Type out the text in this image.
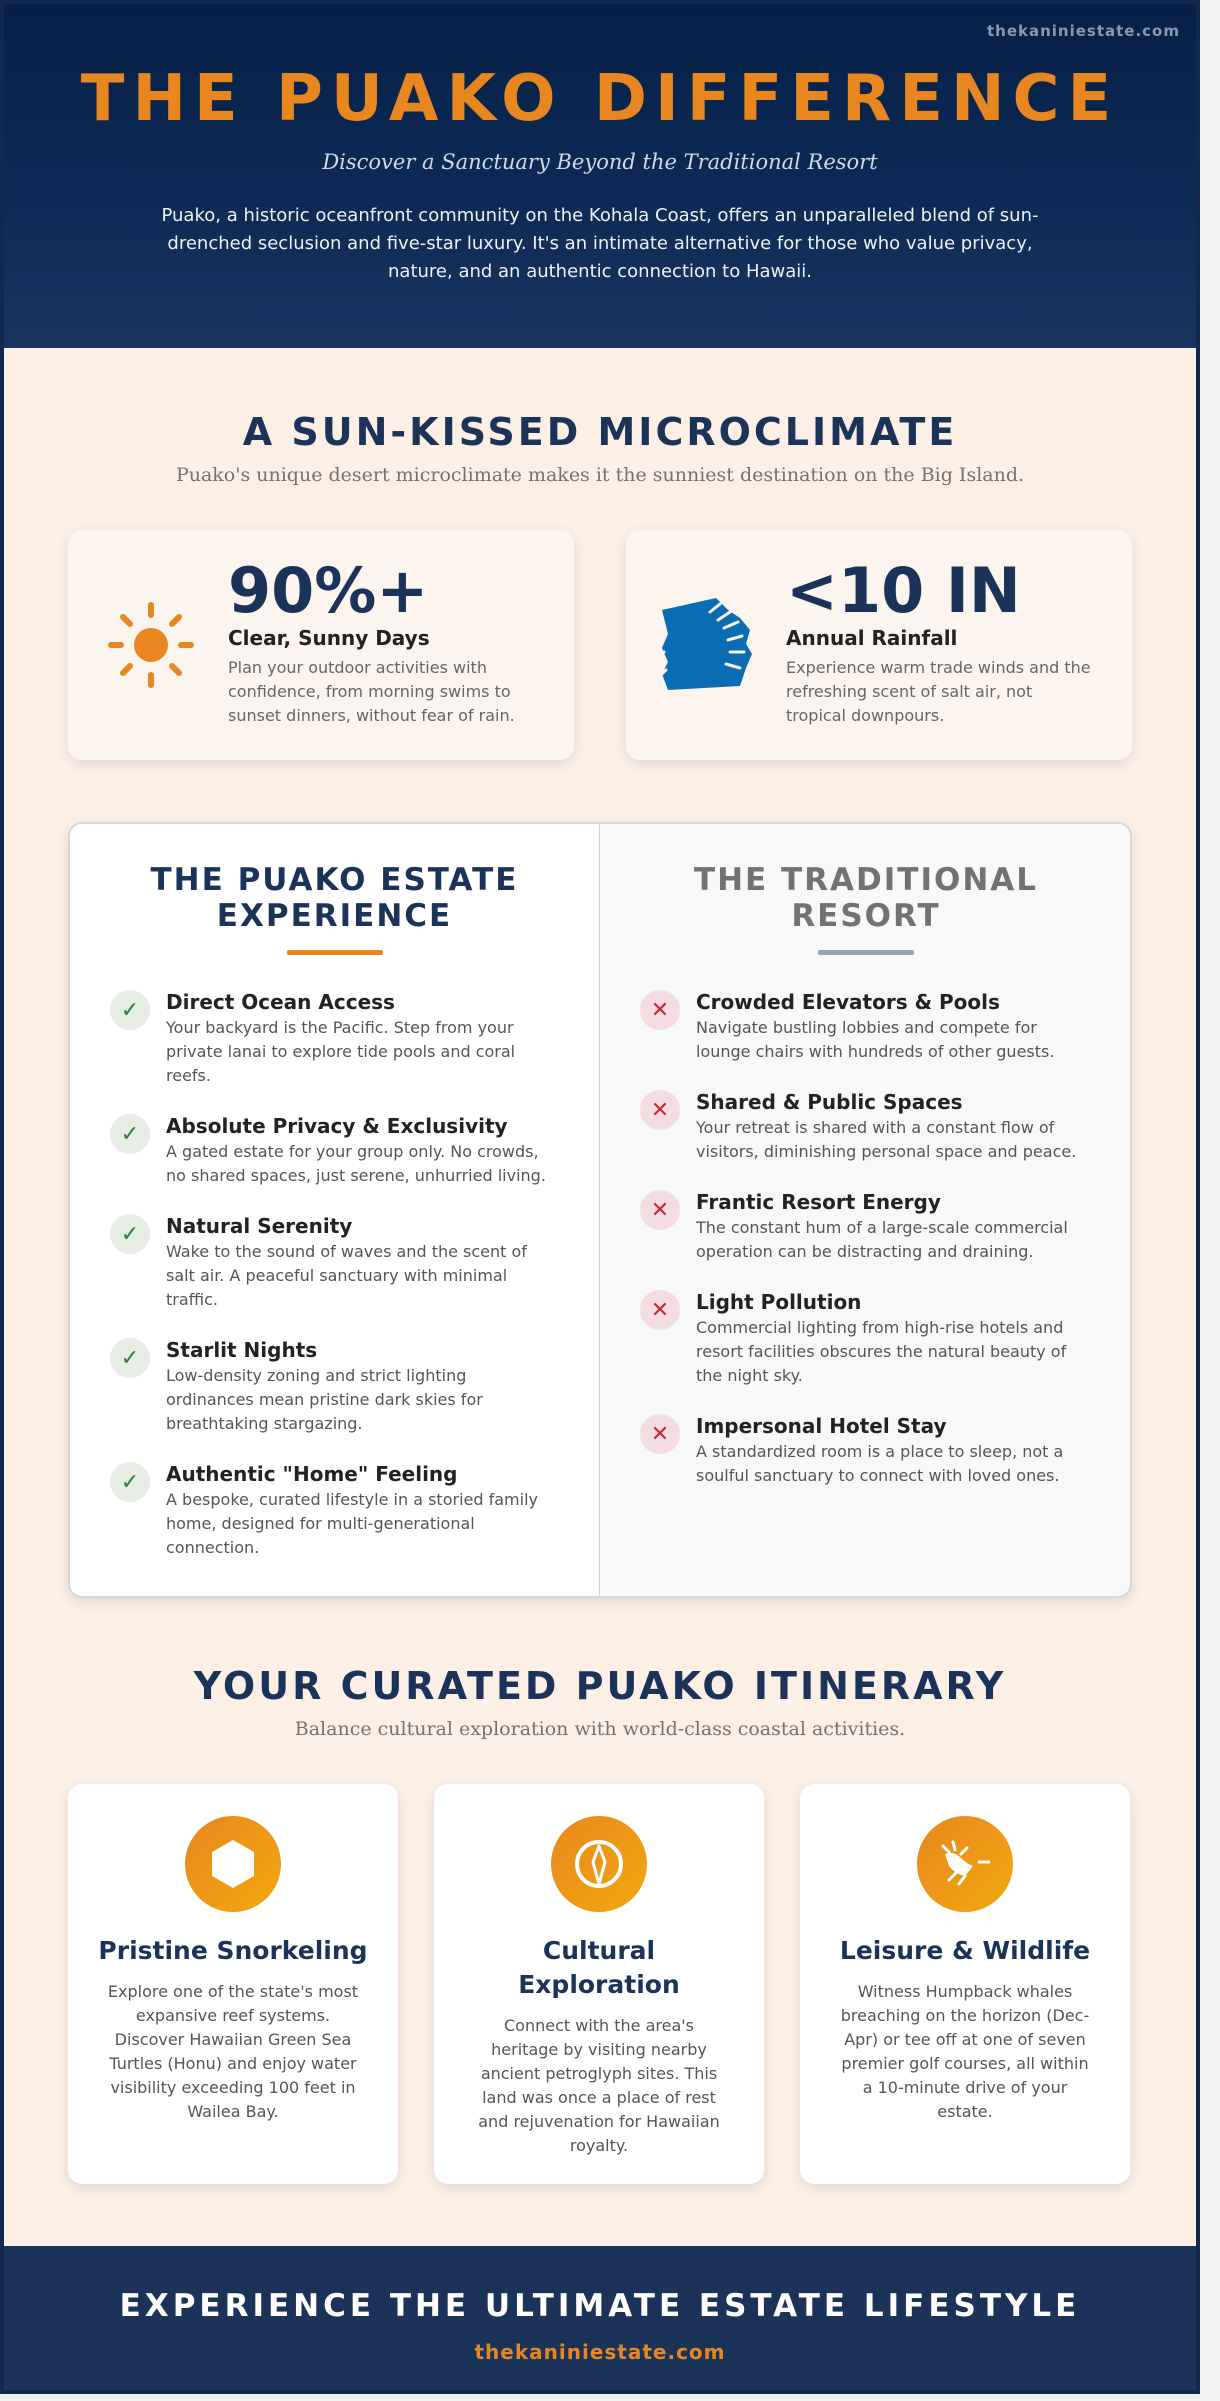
thekaniniestate.com
THE PUAKO DIFFERENCE
Discover a Sanctuary Beyond the Traditional Resort

Puako, a historic oceanfront community on the Kohala Coast, offers an unparalleled blend of sun-drenched seclusion and five-star luxury. It's an intimate alternative for those who value privacy, nature, and an authentic connection to Hawaii.

A SUN-KISSED MICROCLIMATE
Puako's unique desert microclimate makes it the sunniest destination on the Big Island.
90%+
Clear, Sunny Days
Plan your outdoor activities with confidence, from morning swims to sunset dinners, without fear of rain.
<10 IN
Annual Rainfall
Experience warm trade winds and the refreshing scent of salt air, not tropical downpours.
THE PUAKO ESTATE
EXPERIENCE
✓	Direct Ocean Access
Your backyard is the Pacific. Step from your private lanai to explore tide pools and coral reefs.
✓	Absolute Privacy & Exclusivity
A gated estate for your group only. No crowds, no shared spaces, just serene, unhurried living.
✓	Natural Serenity
Wake to the sound of waves and the scent of salt air. A peaceful sanctuary with minimal traffic.
✓	Starlit Nights
Low-density zoning and strict lighting ordinances mean pristine dark skies for breathtaking stargazing.
✓	Authentic "Home" Feeling
A bespoke, curated lifestyle in a storied family home, designed for multi-generational connection.
THE TRADITIONAL
RESORT
✕	Crowded Elevators & Pools
Navigate bustling lobbies and compete for lounge chairs with hundreds of other guests.
✕	Shared & Public Spaces
Your retreat is shared with a constant flow of visitors, diminishing personal space and peace.
✕	Frantic Resort Energy
The constant hum of a large-scale commercial operation can be distracting and draining.
✕	Light Pollution
Commercial lighting from high-rise hotels and resort facilities obscures the natural beauty of the night sky.
✕	Impersonal Hotel Stay
A standardized room is a place to sleep, not a soulful sanctuary to connect with loved ones.
YOUR CURATED PUAKO ITINERARY
Balance cultural exploration with world-class coastal activities.
Pristine Snorkeling
Explore one of the state's most expansive reef systems. Discover Hawaiian Green Sea Turtles (Honu) and enjoy water visibility exceeding 100 feet in Wailea Bay.
Cultural
Exploration
Connect with the area's heritage by visiting nearby ancient petroglyph sites. This land was once a place of rest and rejuvenation for Hawaiian royalty.
Leisure & Wildlife
Witness Humpback whales breaching on the horizon (Dec-Apr) or tee off at one of seven premier golf courses, all within a 10-minute drive of your estate.
EXPERIENCE THE ULTIMATE ESTATE LIFESTYLE
thekaniniestate.com
